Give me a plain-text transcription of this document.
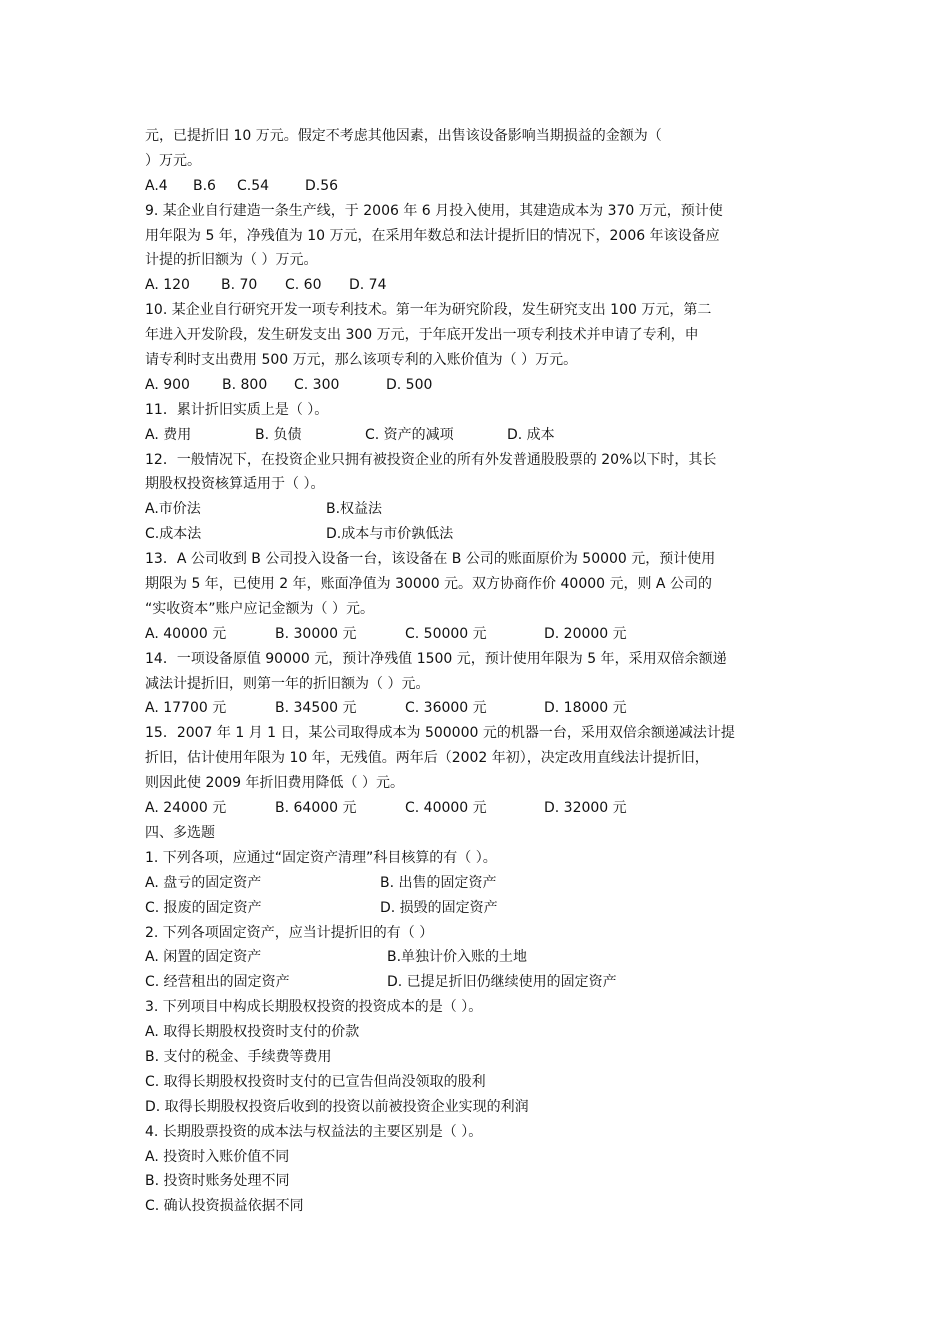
元，已提折旧 10 万元。假定不考虑其他因素，出售该设备影响当期损益的金额为（
）万元。
A.4	B.6	C.54	D.56
9. 某企业自行建造一条生产线，于 2006 年 6 月投入使用，其建造成本为 370 万元，预计使
用年限为 5 年，净残值为 10 万元，在采用年数总和法计提折旧的情况下，2006 年该设备应
计提的折旧额为（ ）万元。
A. 120	B. 70	C. 60	D. 74
10. 某企业自行研究开发一项专利技术。第一年为研究阶段，发生研究支出 100 万元，第二
年进入开发阶段，发生研发支出 300 万元，于年底开发出一项专利技术并申请了专利，申
请专利时支出费用 500 万元，那么该项专利的入账价值为（ ）万元。
A. 900	B. 800	C. 300	D. 500
11．累计折旧实质上是（ ）。
A. 费用	B. 负债	C. 资产的减项	D. 成本
12．一般情况下，在投资企业只拥有被投资企业的所有外发普通股股票的 20%以下时，其长
期股权投资核算适用于（ ）。
A.市价法	B.权益法
C.成本法	D.成本与市价孰低法
13．A 公司收到 B 公司投入设备一台，该设备在 B 公司的账面原价为 50000 元，预计使用
期限为 5 年，已使用 2 年，账面净值为 30000 元。双方协商作价 40000 元，则 A 公司的
“实收资本”账户应记金额为（ ）元。
A. 40000 元	B. 30000 元	C. 50000 元	D. 20000 元
14．一项设备原值 90000 元，预计净残值 1500 元，预计使用年限为 5 年，采用双倍余额递
减法计提折旧，则第一年的折旧额为（ ）元。
A. 17700 元	B. 34500 元	C. 36000 元	D. 18000 元
15．2007 年 1 月 1 日，某公司取得成本为 500000 元的机器一台，采用双倍余额递减法计提
折旧，估计使用年限为 10 年，无残值。两年后（2002 年初），决定改用直线法计提折旧，
则因此使 2009 年折旧费用降低（ ）元。
A. 24000 元	B. 64000 元	C. 40000 元	D. 32000 元
四、多选题
1. 下列各项，应通过“固定资产清理”科目核算的有（ ）。
A. 盘亏的固定资产	B. 出售的固定资产
C. 报废的固定资产	D. 损毁的固定资产
2. 下列各项固定资产，应当计提折旧的有（ ）
A. 闲置的固定资产	B.单独计价入账的土地
C. 经营租出的固定资产	D. 已提足折旧仍继续使用的固定资产
3. 下列项目中构成长期股权投资的投资成本的是（ ）。
A. 取得长期股权投资时支付的价款
B. 支付的税金、手续费等费用
C. 取得长期股权投资时支付的已宣告但尚没领取的股利
D. 取得长期股权投资后收到的投资以前被投资企业实现的利润
4. 长期股票投资的成本法与权益法的主要区别是（ ）。
A. 投资时入账价值不同
B. 投资时账务处理不同
C. 确认投资损益依据不同
